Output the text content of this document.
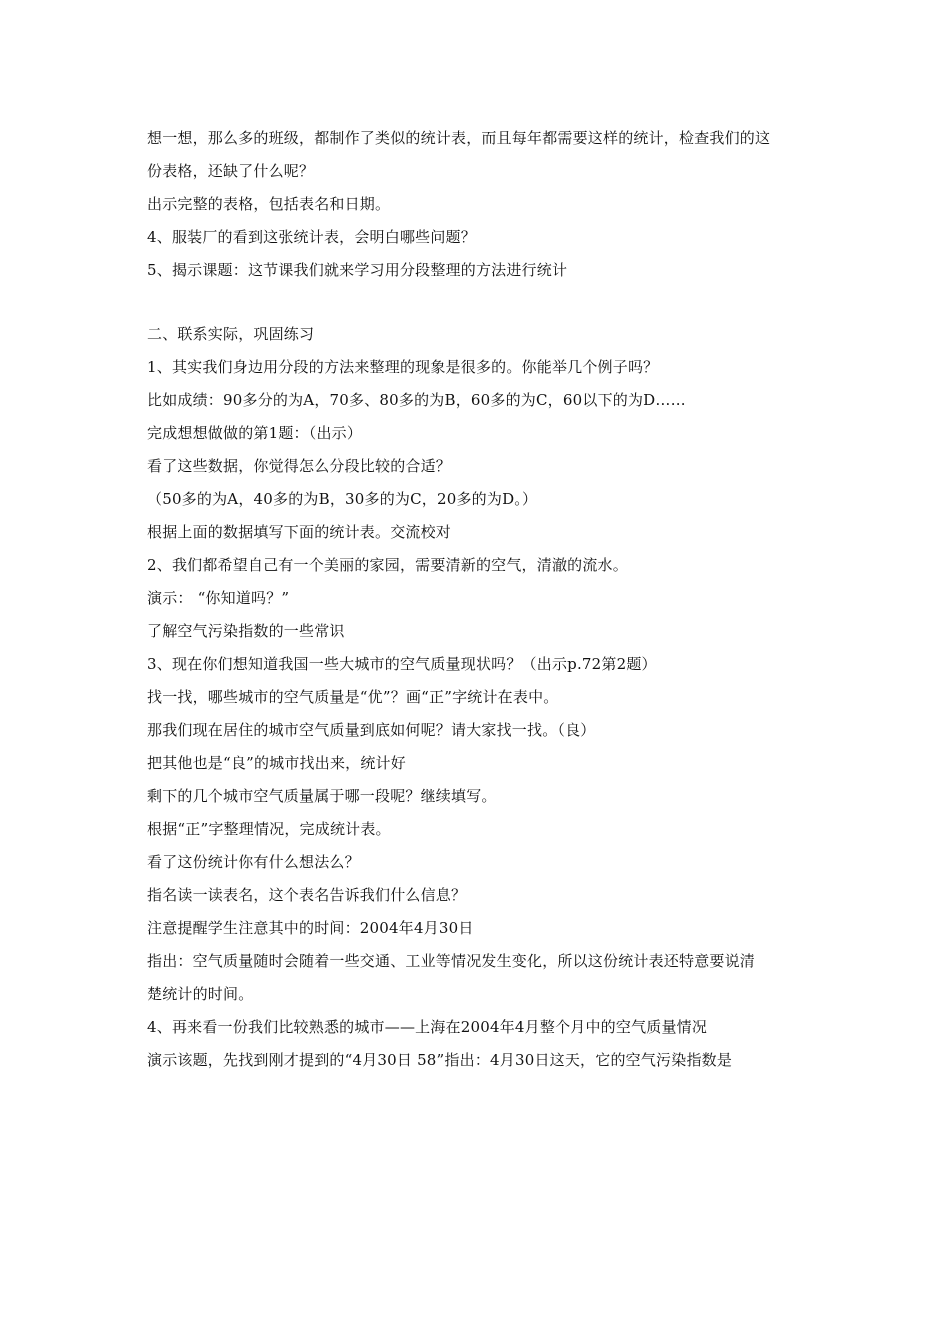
想一想，那么多的班级，都制作了类似的统计表，而且每年都需要这样的统计，检查我们的这
份表格，还缺了什么呢？
出示完整的表格，包括表名和日期。
4、服装厂的看到这张统计表，会明白哪些问题？
5、揭示课题：这节课我们就来学习用分段整理的方法进行统计
二、联系实际，巩固练习
1、其实我们身边用分段的方法来整理的现象是很多的。你能举几个例子吗？
比如成绩：90多分的为A，70多、80多的为B，60多的为C，60以下的为D……
完成想想做做的第1题：（出示）
看了这些数据，你觉得怎么分段比较的合适？
（50多的为A，40多的为B，30多的为C，20多的为D。）
根据上面的数据填写下面的统计表。交流校对
2、我们都希望自己有一个美丽的家园，需要清新的空气，清澈的流水。
演示： “你知道吗？”
了解空气污染指数的一些常识
3、现在你们想知道我国一些大城市的空气质量现状吗？（出示p.72第2题）
找一找，哪些城市的空气质量是“优”？画“正”字统计在表中。
那我们现在居住的城市空气质量到底如何呢？请大家找一找。（良）
把其他也是“良”的城市找出来，统计好
剩下的几个城市空气质量属于哪一段呢？继续填写。
根据“正”字整理情况，完成统计表。
看了这份统计你有什么想法么？
指名读一读表名，这个表名告诉我们什么信息？
注意提醒学生注意其中的时间：2004年4月30日
指出：空气质量随时会随着一些交通、工业等情况发生变化，所以这份统计表还特意要说清
楚统计的时间。
4、再来看一份我们比较熟悉的城市——上海在2004年4月整个月中的空气质量情况
演示该题，先找到刚才提到的“4月30日 58”指出：4月30日这天，它的空气污染指数是
